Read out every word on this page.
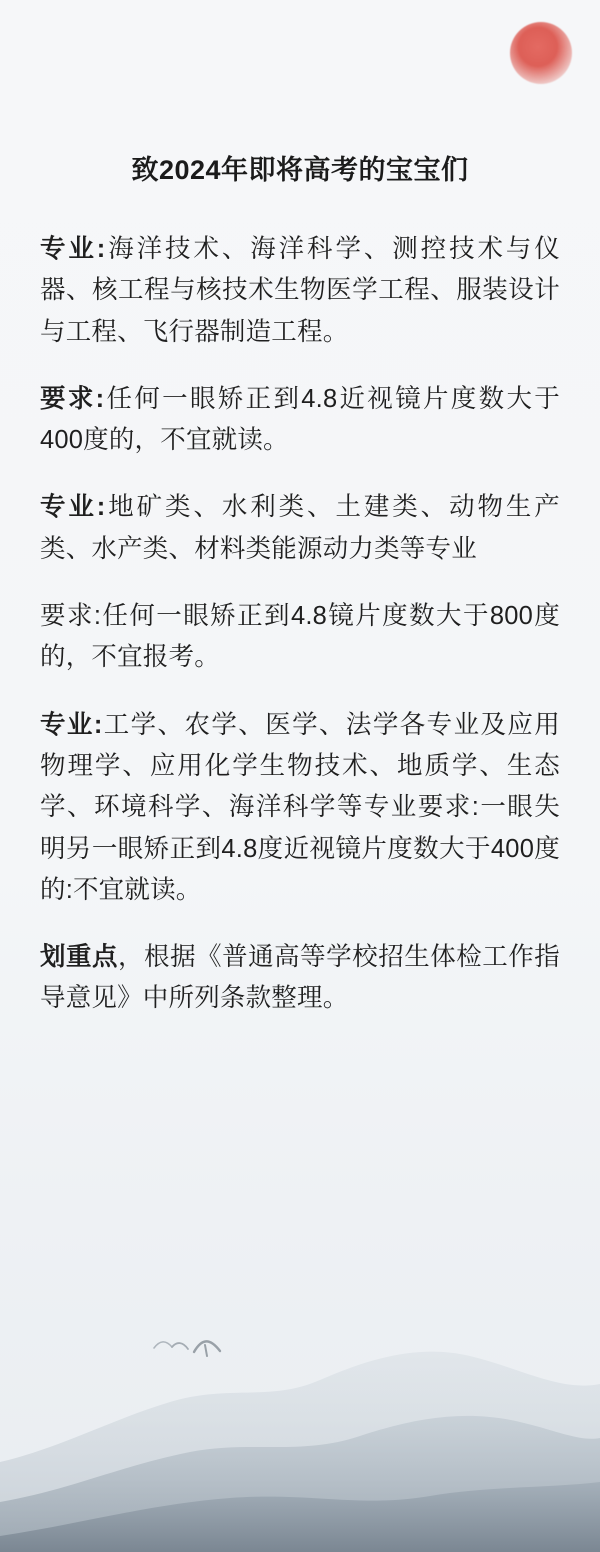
致2024年即将高考的宝宝们

专业:海洋技术、海洋科学、测控技术与仪器、核工程与核技术生物医学工程、服装设计与工程、飞行器制造工程。

要求:任何一眼矫正到4.8近视镜片度数大于400度的，不宜就读。

专业:地矿类、水利类、土建类、动物生产类、水产类、材料类能源动力类等专业

要求:任何一眼矫正到4.8镜片度数大于800度的，不宜报考。

专业:工学、农学、医学、法学各专业及应用物理学、应用化学生物技术、地质学、生态学、环境科学、海洋科学等专业要求:一眼失明另一眼矫正到4.8度近视镜片度数大于400度的:不宜就读。

划重点，根据《普通高等学校招生体检工作指导意见》中所列条款整理。
